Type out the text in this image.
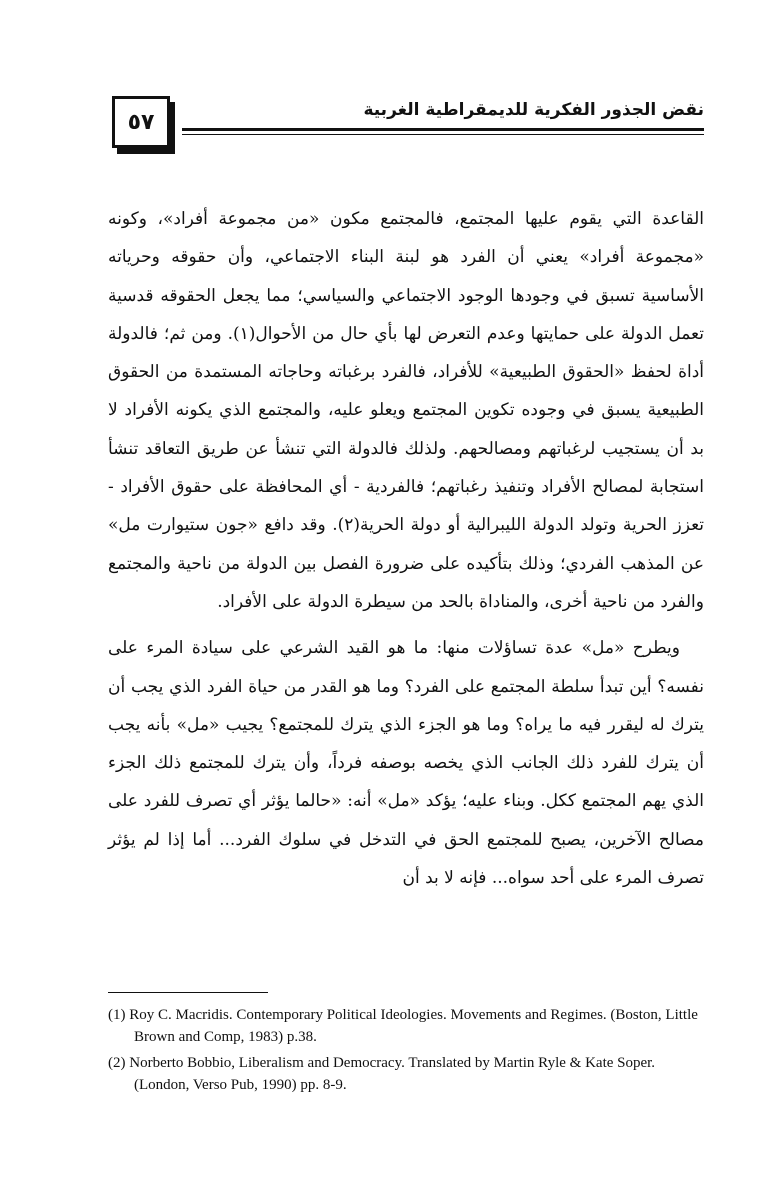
٥٧	نقض الجذور الفكرية للديمقراطية الغربية

القاعدة التي يقوم عليها المجتمع، فالمجتمع مكون «من مجموعة أفراد»، وكونه «مجموعة أفراد» يعني أن الفرد هو لبنة البناء الاجتماعي، وأن حقوقه وحرياته الأساسية تسبق في وجودها الوجود الاجتماعي والسياسي؛ مما يجعل الحقوقه قدسية تعمل الدولة على حمايتها وعدم التعرض لها بأي حال من الأحوال(١). ومن ثم؛ فالدولة أداة لحفظ «الحقوق الطبيعية» للأفراد، فالفرد برغباته وحاجاته المستمدة من الحقوق الطبيعية يسبق في وجوده تكوين المجتمع ويعلو عليه، والمجتمع الذي يكونه الأفراد لا بد أن يستجيب لرغباتهم ومصالحهم. ولذلك فالدولة التي تنشأ عن طريق التعاقد تنشأ استجابة لمصالح الأفراد وتنفيذ رغباتهم؛ فالفردية - أي المحافظة على حقوق الأفراد - تعزز الحرية وتولد الدولة الليبرالية أو دولة الحرية(٢). وقد دافع «جون ستيوارت مل» عن المذهب الفردي؛ وذلك بتأكيده على ضرورة الفصل بين الدولة من ناحية والمجتمع والفرد من ناحية أخرى، والمناداة بالحد من سيطرة الدولة على الأفراد.

ويطرح «مل» عدة تساؤلات منها: ما هو القيد الشرعي على سيادة المرء على نفسه؟ أين تبدأ سلطة المجتمع على الفرد؟ وما هو القدر من حياة الفرد الذي يجب أن يترك له ليقرر فيه ما يراه؟ وما هو الجزء الذي يترك للمجتمع؟ يجيب «مل» بأنه يجب أن يترك للفرد ذلك الجانب الذي يخصه بوصفه فرداً، وأن يترك للمجتمع ذلك الجزء الذي يهم المجتمع ككل. وبناء عليه؛ يؤكد «مل» أنه: «حالما يؤثر أي تصرف للفرد على مصالح الآخرين، يصبح للمجتمع الحق في التدخل في سلوك الفرد... أما إذا لم يؤثر تصرف المرء على أحد سواه... فإنه لا بد أن

(1) Roy C. Macridis. Contemporary Political Ideologies. Movements and Regimes. (Boston, Little Brown and Comp, 1983) p.38.
(2) Norberto Bobbio, Liberalism and Democracy. Translated by Martin Ryle & Kate Soper. (London, Verso Pub, 1990) pp. 8-9.
